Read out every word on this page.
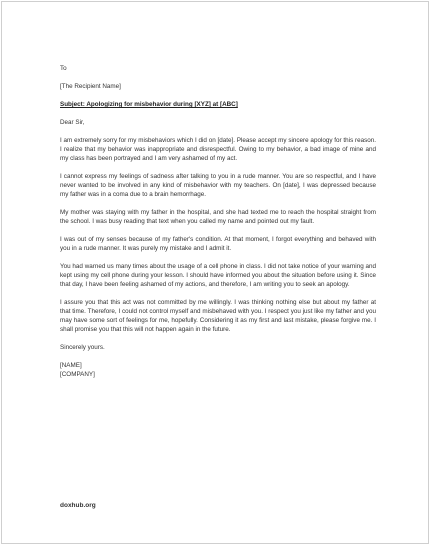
To

[The Recipient Name]

Subject: Apologizing for misbehavior during [XYZ] at [ABC]

Dear Sir,

I am extremely sorry for my misbehaviors which I did on [date]. Please accept my sincere apology for this reason. I realize that my behavior was inappropriate and disrespectful. Owing to my behavior, a bad image of mine and my class has been portrayed and I am very ashamed of my act.

I cannot express my feelings of sadness after talking to you in a rude manner. You are so respectful, and I have never wanted to be involved in any kind of misbehavior with my teachers. On [date], I was depressed because my father was in a coma due to a brain hemorrhage.

My mother was staying with my father in the hospital, and she had texted me to reach the hospital straight from the school. I was busy reading that text when you called my name and pointed out my fault.

I was out of my senses because of my father's condition. At that moment, I forgot everything and behaved with you in a rude manner. It was purely my mistake and I admit it.

You had warned us many times about the usage of a cell phone in class. I did not take notice of your warning and kept using my cell phone during your lesson. I should have informed you about the situation before using it. Since that day, I have been feeling ashamed of my actions, and therefore, I am writing you to seek an apology.

I assure you that this act was not committed by me willingly. I was thinking nothing else but about my father at that time. Therefore, I could not control myself and misbehaved with you. I respect you just like my father and you may have some sort of feelings for me, hopefully. Considering it as my first and last mistake, please forgive me. I shall promise you that this will not happen again in the future.

Sincerely yours.

[NAME]

[COMPANY]

doxhub.org
